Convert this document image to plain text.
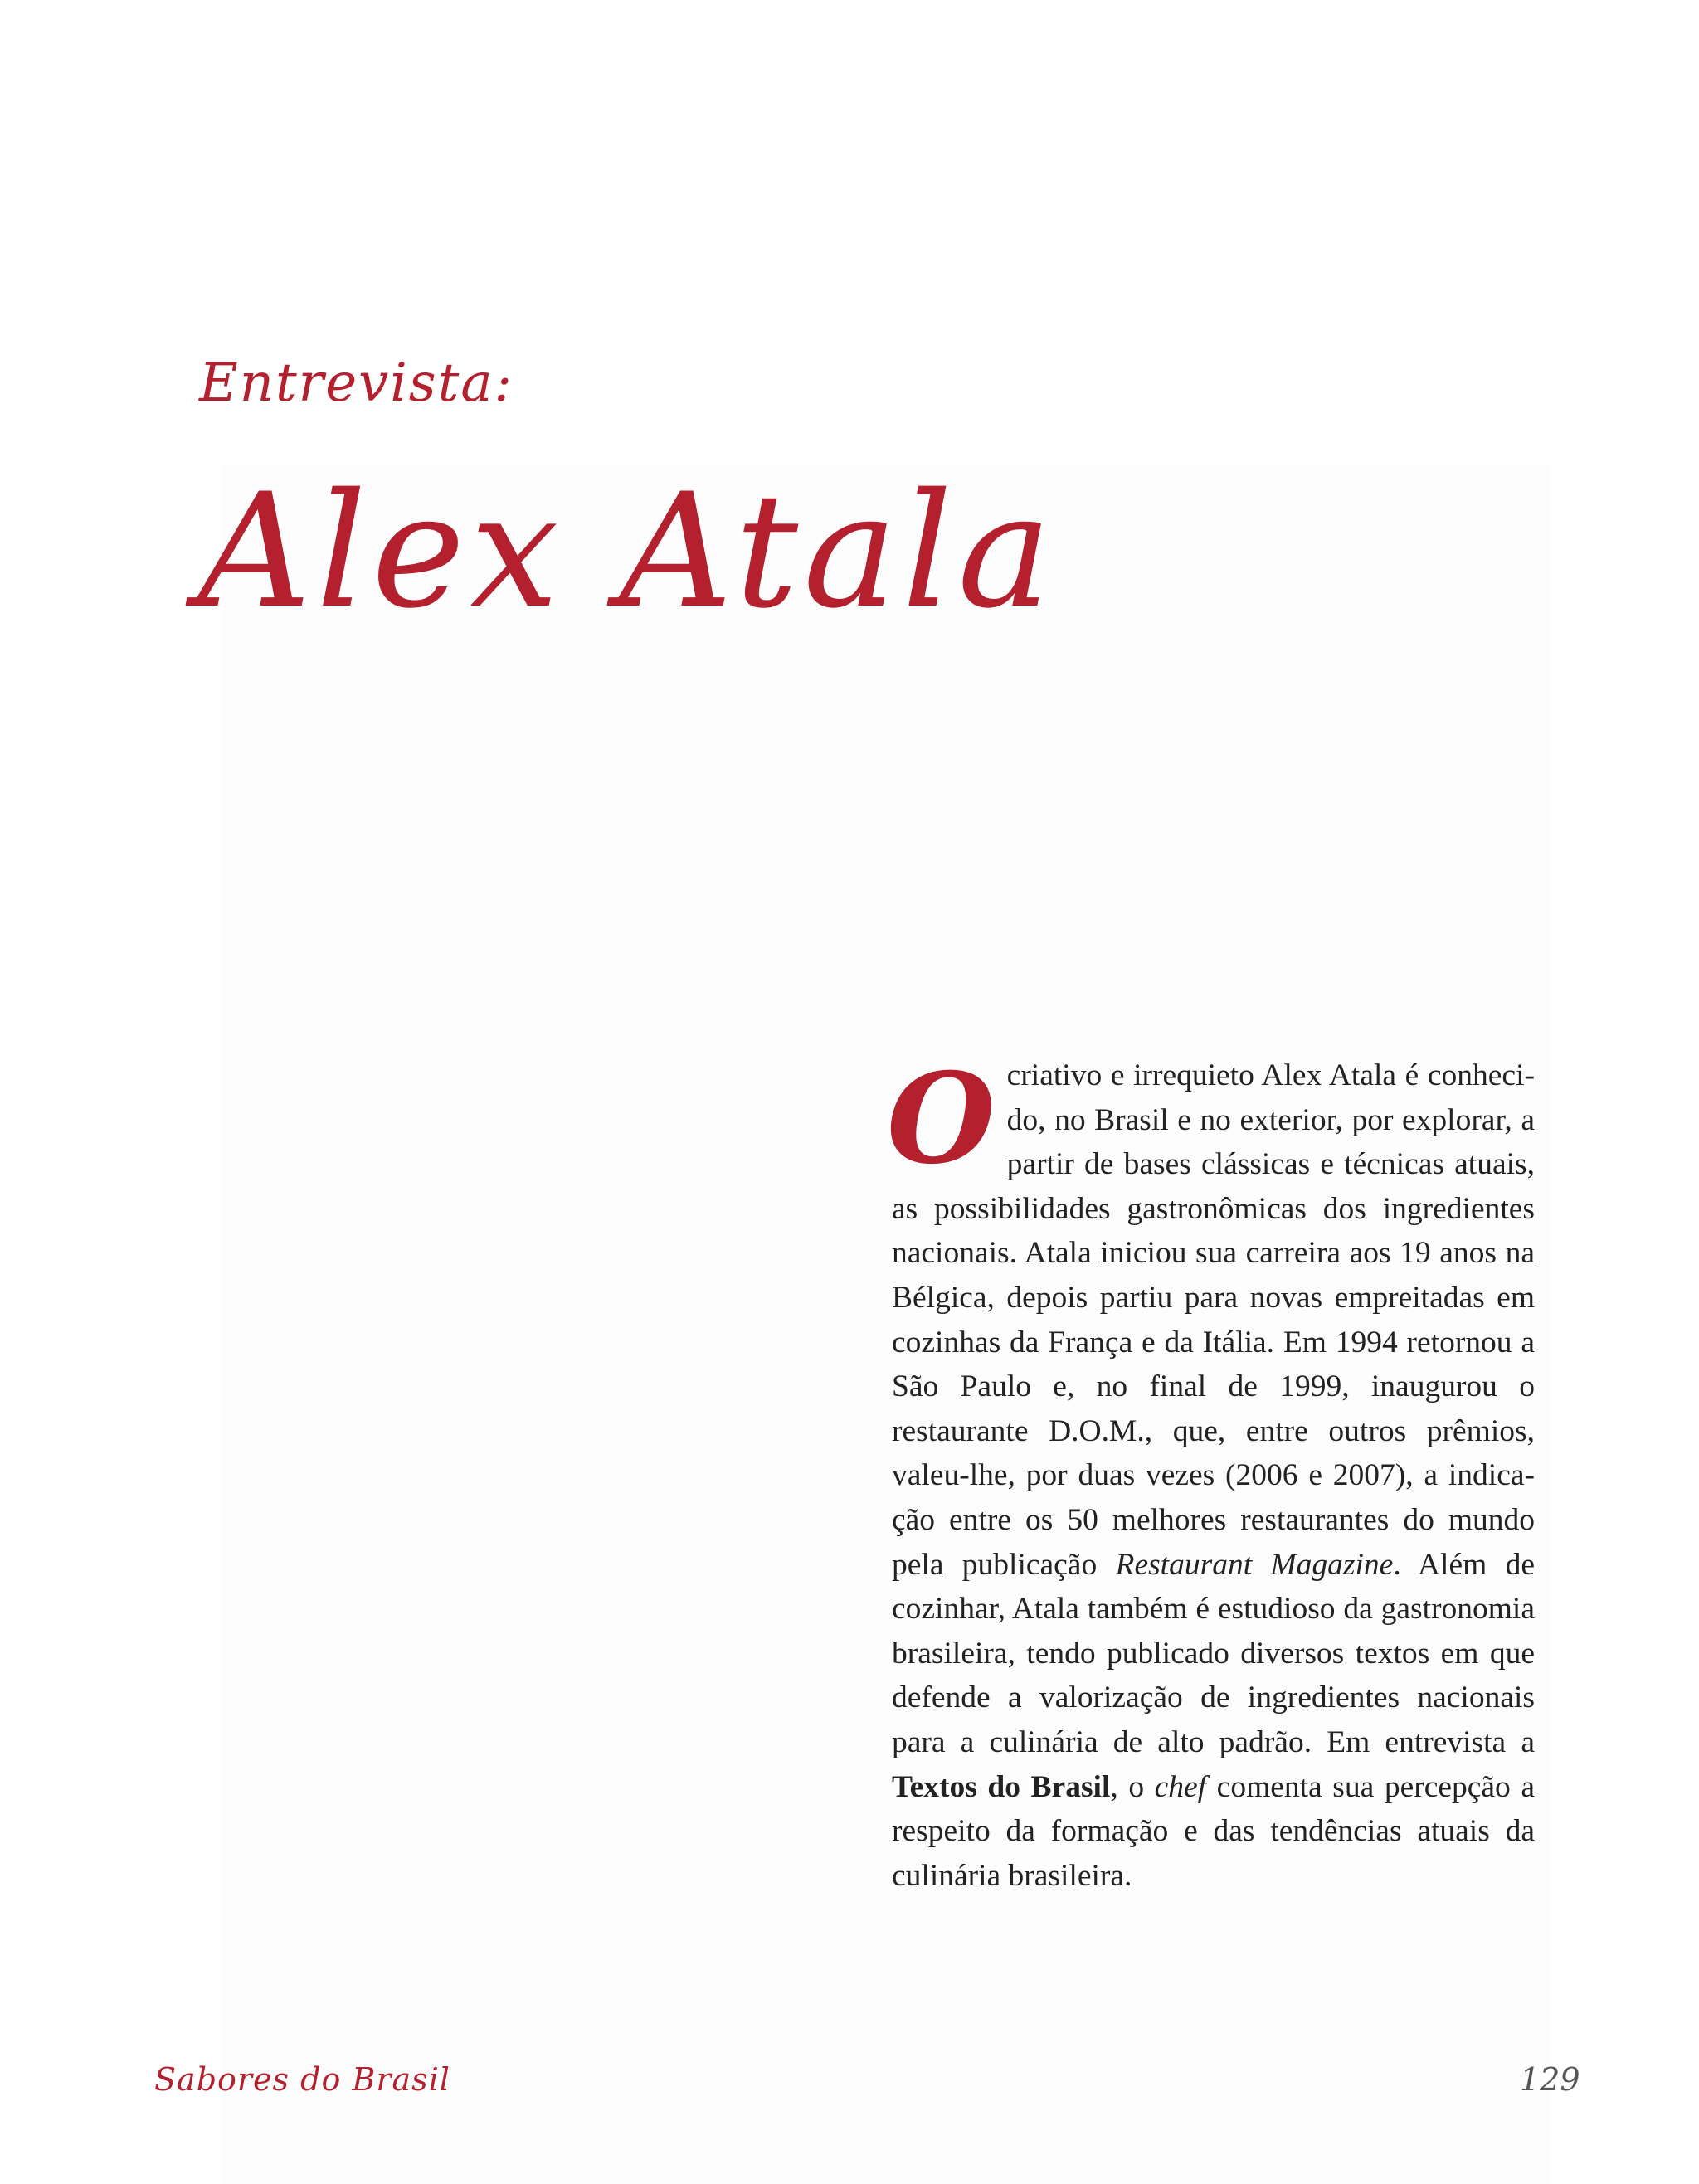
Entrevista:
Alex Atala
Ocriativo e irrequieto Alex Atala é conhecido, no Brasil e no exterior, por explorar, a partir de bases clássicas e técnicas atuais, as possibilidades gastronômicas dos ingredientes nacionais. Atala iniciou sua carreira aos 19 anos na Bélgica, depois partiu para novas empreitadas em cozinhas da França e da Itália. Em 1994 retornou a São Paulo e, no final de 1999, inaugurou o restaurante D.O.M., que, entre outros prêmios, valeu-lhe, por duas vezes (2006 e 2007), a indicação entre os 50 melhores restaurantes do mundo pela publicação Restaurant Magazine. Além de cozinhar, Atala também é estudioso da gastronomia brasileira, tendo publicado diversos textos em que defende a valorização de ingredientes nacionais para a culinária de alto padrão. Em entrevista a Textos do Brasil, o chef comenta sua percepção a respeito da formação e das tendências atuais da culinária brasileira.
Sabores do Brasil	129
